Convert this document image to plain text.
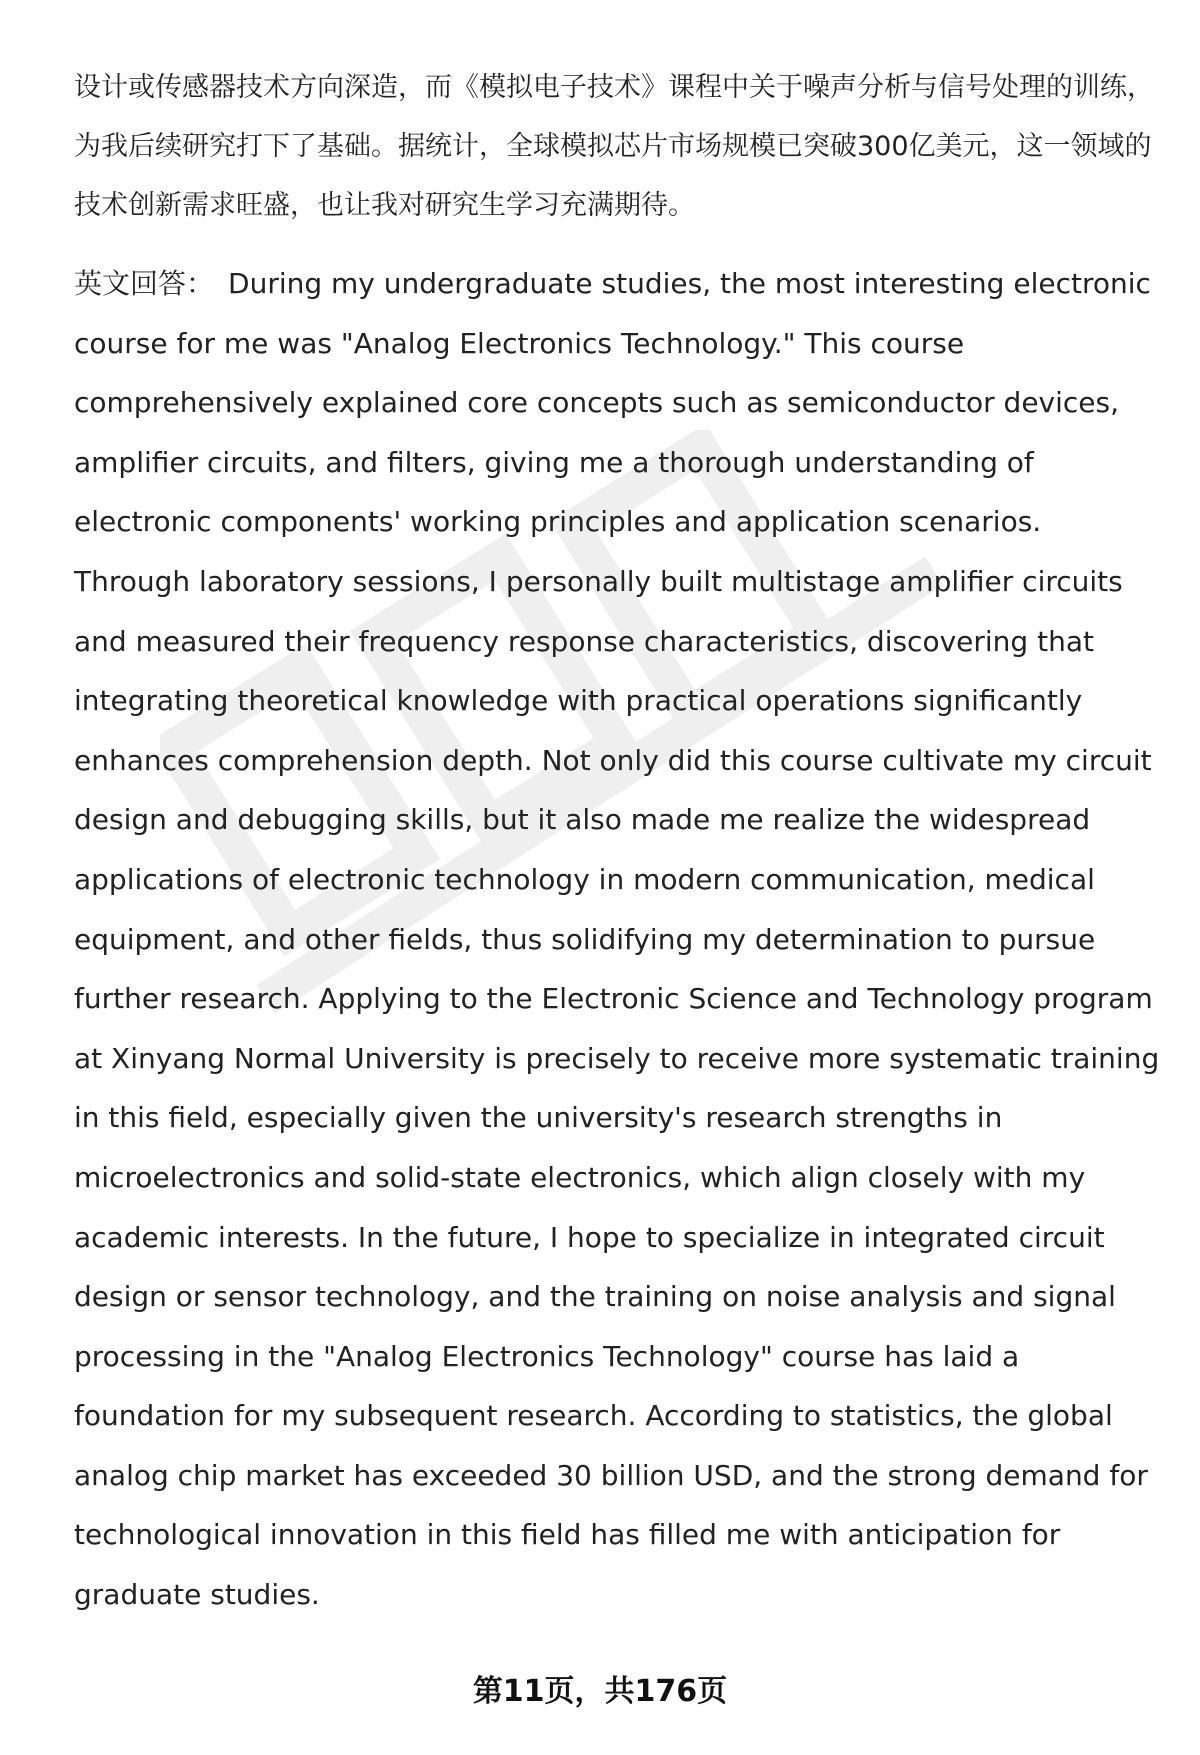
设计或传感器技术方向深造，而《模拟电子技术》课程中关于噪声分析与信号处理的训练，为我后续研究打下了基础。据统计，全球模拟芯片市场规模已突破300亿美元，这一领域的技术创新需求旺盛，也让我对研究生学习充满期待。

英文回答： During my undergraduate studies, the most interesting electronic course for me was "Analog Electronics Technology." This course comprehensively explained core concepts such as semiconductor devices, amplifier circuits, and filters, giving me a thorough understanding of electronic components' working principles and application scenarios. Through laboratory sessions, I personally built multistage amplifier circuits and measured their frequency response characteristics, discovering that integrating theoretical knowledge with practical operations significantly enhances comprehension depth. Not only did this course cultivate my circuit design and debugging skills, but it also made me realize the widespread applications of electronic technology in modern communication, medical equipment, and other fields, thus solidifying my determination to pursue further research. Applying to the Electronic Science and Technology program at Xinyang Normal University is precisely to receive more systematic training in this field, especially given the university's research strengths in microelectronics and solid-state electronics, which align closely with my academic interests. In the future, I hope to specialize in integrated circuit design or sensor technology, and the training on noise analysis and signal processing in the "Analog Electronics Technology" course has laid a foundation for my subsequent research. According to statistics, the global analog chip market has exceeded 30 billion USD, and the strong demand for technological innovation in this field has filled me with anticipation for graduate studies.

第11页，共176页
